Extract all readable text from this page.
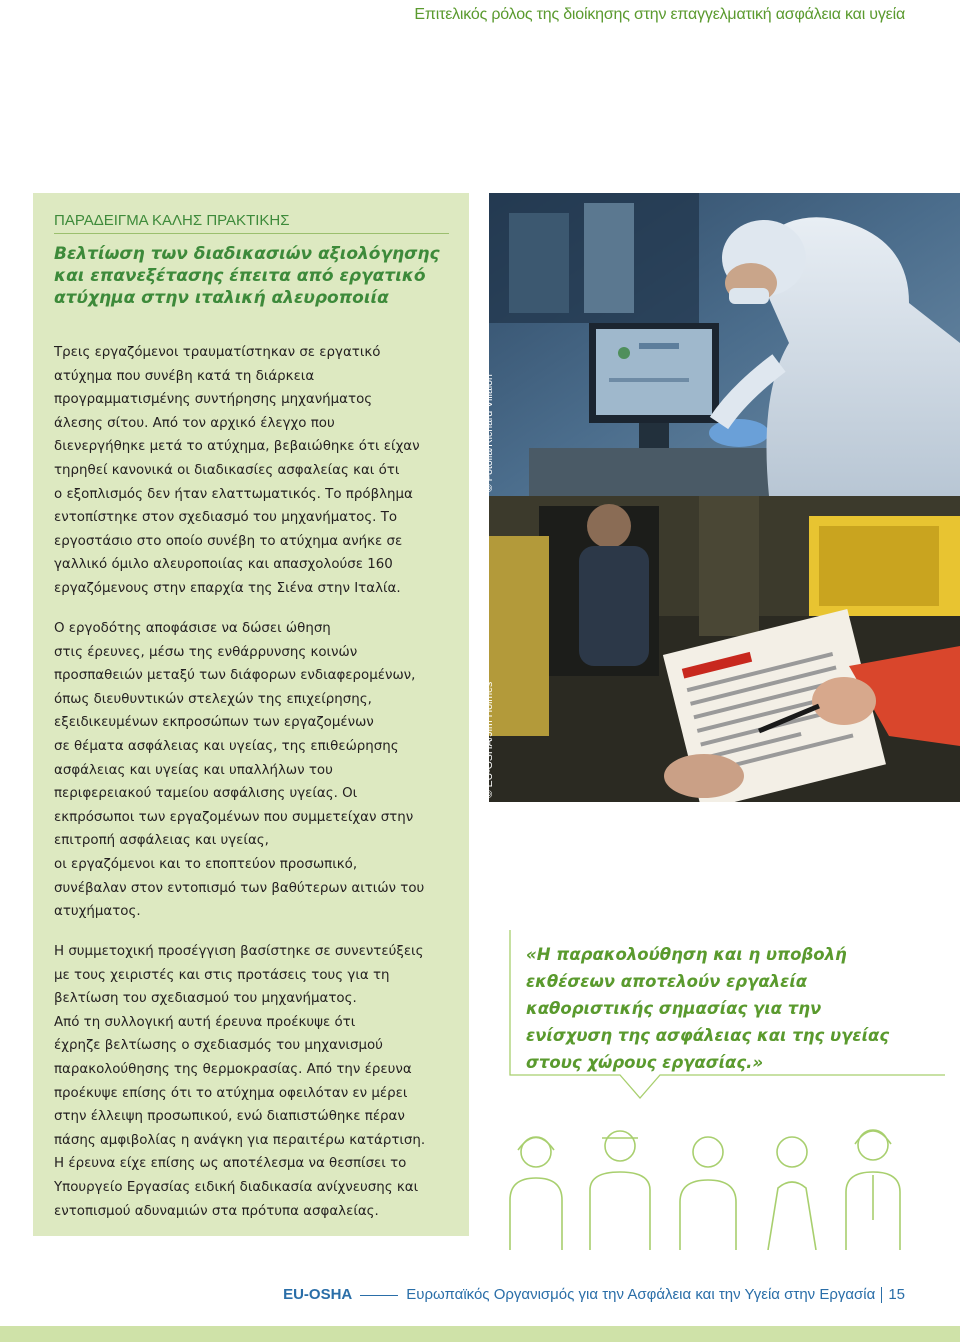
Επιτελικός ρόλος της διοίκησης στην επαγγελματική ασφάλεια και υγεία
ΠΑΡΑΔΕΙΓΜΑ ΚΑΛΗΣ ΠΡΑΚΤΙΚΗΣ
Βελτίωση των διαδικασιών αξιολόγησης και επανεξέτασης έπειτα από εργατικό ατύχημα στην ιταλική αλευροποιία
Τρεις εργαζόμενοι τραυματίστηκαν σε εργατικό
ατύχημα που συνέβη κατά τη διάρκεια
προγραμματισμένης συντήρησης μηχανήματος
άλεσης σίτου. Από τον αρχικό έλεγχο που
διενεργήθηκε μετά το ατύχημα, βεβαιώθηκε ότι είχαν
τηρηθεί κανονικά οι διαδικασίες ασφαλείας και ότι
ο εξοπλισμός δεν ήταν ελαττωματικός. Το πρόβλημα
εντοπίστηκε στον σχεδιασμό του μηχανήματος. Το
εργοστάσιο στο οποίο συνέβη το ατύχημα ανήκε σε
γαλλικό όμιλο αλευροποιίας και απασχολούσε 160
εργαζόμενους στην επαρχία της Σιένα στην Ιταλία.
Ο εργοδότης αποφάσισε να δώσει ώθηση
στις έρευνες, μέσω της ενθάρρυνσης κοινών
προσπαθειών μεταξύ των διάφορων ενδιαφερομένων,
όπως διευθυντικών στελεχών της επιχείρησης,
εξειδικευμένων εκπροσώπων των εργαζομένων
σε θέματα ασφάλειας και υγείας, της επιθεώρησης
ασφάλειας και υγείας και υπαλλήλων του
περιφερειακού ταμείου ασφάλισης υγείας. Οι
εκπρόσωποι των εργαζομένων που συμμετείχαν στην
επιτροπή ασφάλειας και υγείας,
οι εργαζόμενοι και το εποπτεύον προσωπικό,
συνέβαλαν στον εντοπισμό των βαθύτερων αιτιών του
ατυχήματος.
Η συμμετοχική προσέγγιση βασίστηκε σε συνεντεύξεις
με τους χειριστές και στις προτάσεις τους για τη
βελτίωση του σχεδιασμού του μηχανήματος.
Από τη συλλογική αυτή έρευνα προέκυψε ότι
έχρηζε βελτίωσης ο σχεδιασμός του μηχανισμού
παρακολούθησης της θερμοκρασίας. Από την έρευνα
προέκυψε επίσης ότι το ατύχημα οφειλόταν εν μέρει
στην έλλειψη προσωπικού, ενώ διαπιστώθηκε πέραν
πάσης αμφιβολίας η ανάγκη για περαιτέρω κατάρτιση.
Η έρευνα είχε επίσης ως αποτέλεσμα να θεσπίσει το
Υπουργείο Εργασίας ειδική διαδικασία ανίχνευσης και
εντοπισμού αδυναμιών στα πρότυπα ασφαλείας.
© Fotolia/Richard Villalon
© EU-OSHA/Jim Holmes
«Η παρακολούθηση και η υποβολή
εκθέσεων αποτελούν εργαλεία
καθοριστικής σημασίας για την
ενίσχυση της ασφάλειας και της υγείας
στους χώρους εργασίας.»
EU-OSHA	Ευρωπαϊκός Οργανισμός για την Ασφάλεια και την Υγεία στην Εργασία 15
